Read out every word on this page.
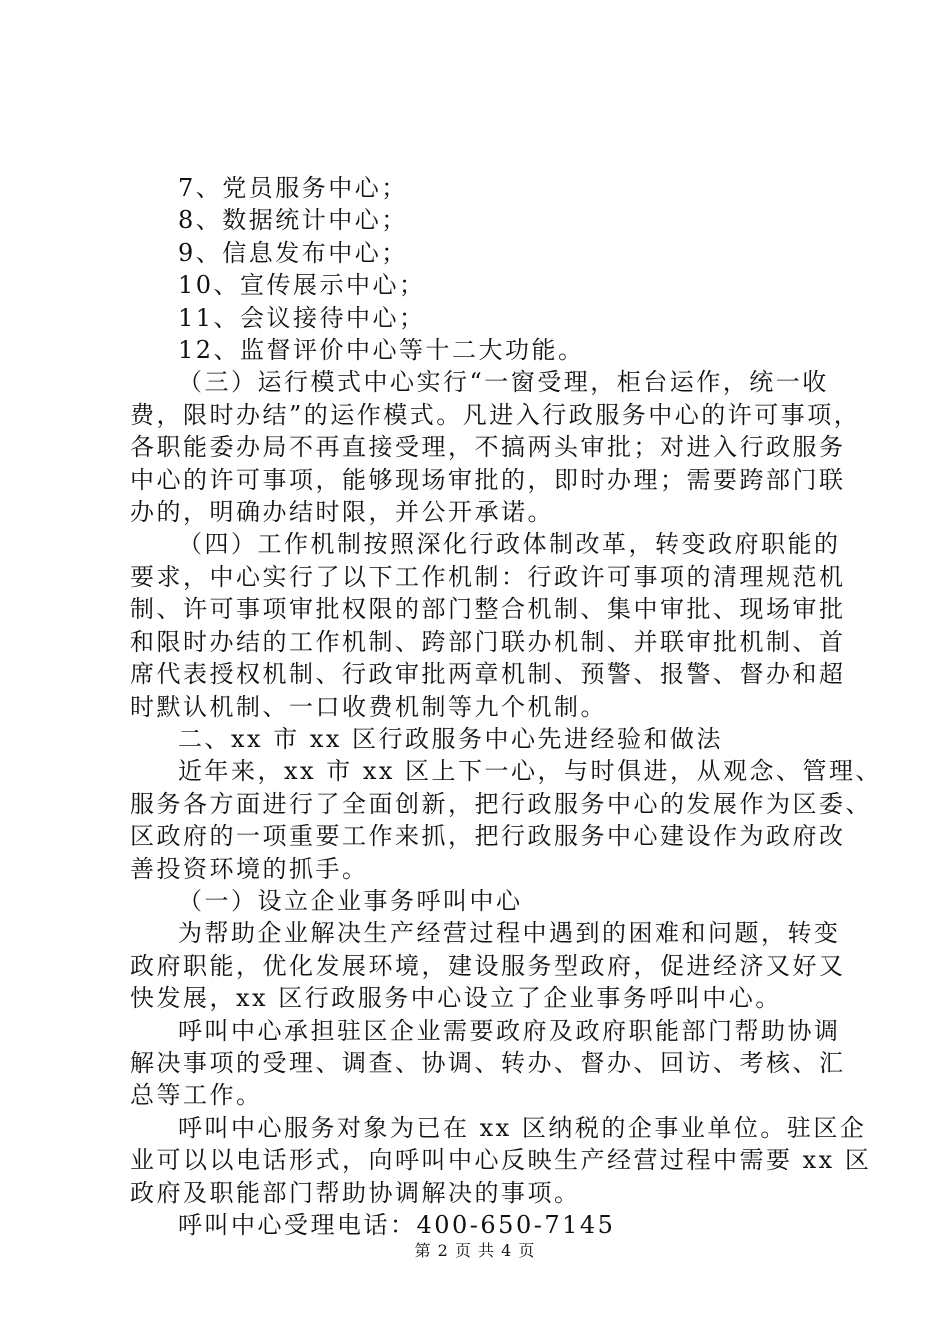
7、党员服务中心；
8、数据统计中心；
9、信息发布中心；
10、宣传展示中心；
11、会议接待中心；
12、监督评价中心等十二大功能。
（三）运行模式中心实行“一窗受理，柜台运作，统一收
费，限时办结”的运作模式。凡进入行政服务中心的许可事项，
各职能委办局不再直接受理，不搞两头审批；对进入行政服务
中心的许可事项，能够现场审批的，即时办理；需要跨部门联
办的，明确办结时限，并公开承诺。
（四）工作机制按照深化行政体制改革，转变政府职能的
要求，中心实行了以下工作机制：行政许可事项的清理规范机
制、许可事项审批权限的部门整合机制、集中审批、现场审批
和限时办结的工作机制、跨部门联办机制、并联审批机制、首
席代表授权机制、行政审批两章机制、预警、报警、督办和超
时默认机制、一口收费机制等九个机制。
二、xx 市 xx 区行政服务中心先进经验和做法
近年来，xx 市 xx 区上下一心，与时俱进，从观念、管理、
服务各方面进行了全面创新，把行政服务中心的发展作为区委、
区政府的一项重要工作来抓，把行政服务中心建设作为政府改
善投资环境的抓手。
（一）设立企业事务呼叫中心
为帮助企业解决生产经营过程中遇到的困难和问题，转变
政府职能，优化发展环境，建设服务型政府，促进经济又好又
快发展，xx 区行政服务中心设立了企业事务呼叫中心。
呼叫中心承担驻区企业需要政府及政府职能部门帮助协调
解决事项的受理、调查、协调、转办、督办、回访、考核、汇
总等工作。
呼叫中心服务对象为已在 xx 区纳税的企事业单位。驻区企
业可以以电话形式，向呼叫中心反映生产经营过程中需要 xx 区
政府及职能部门帮助协调解决的事项。
呼叫中心受理电话：400-650-7145
第 2 页 共 4 页
